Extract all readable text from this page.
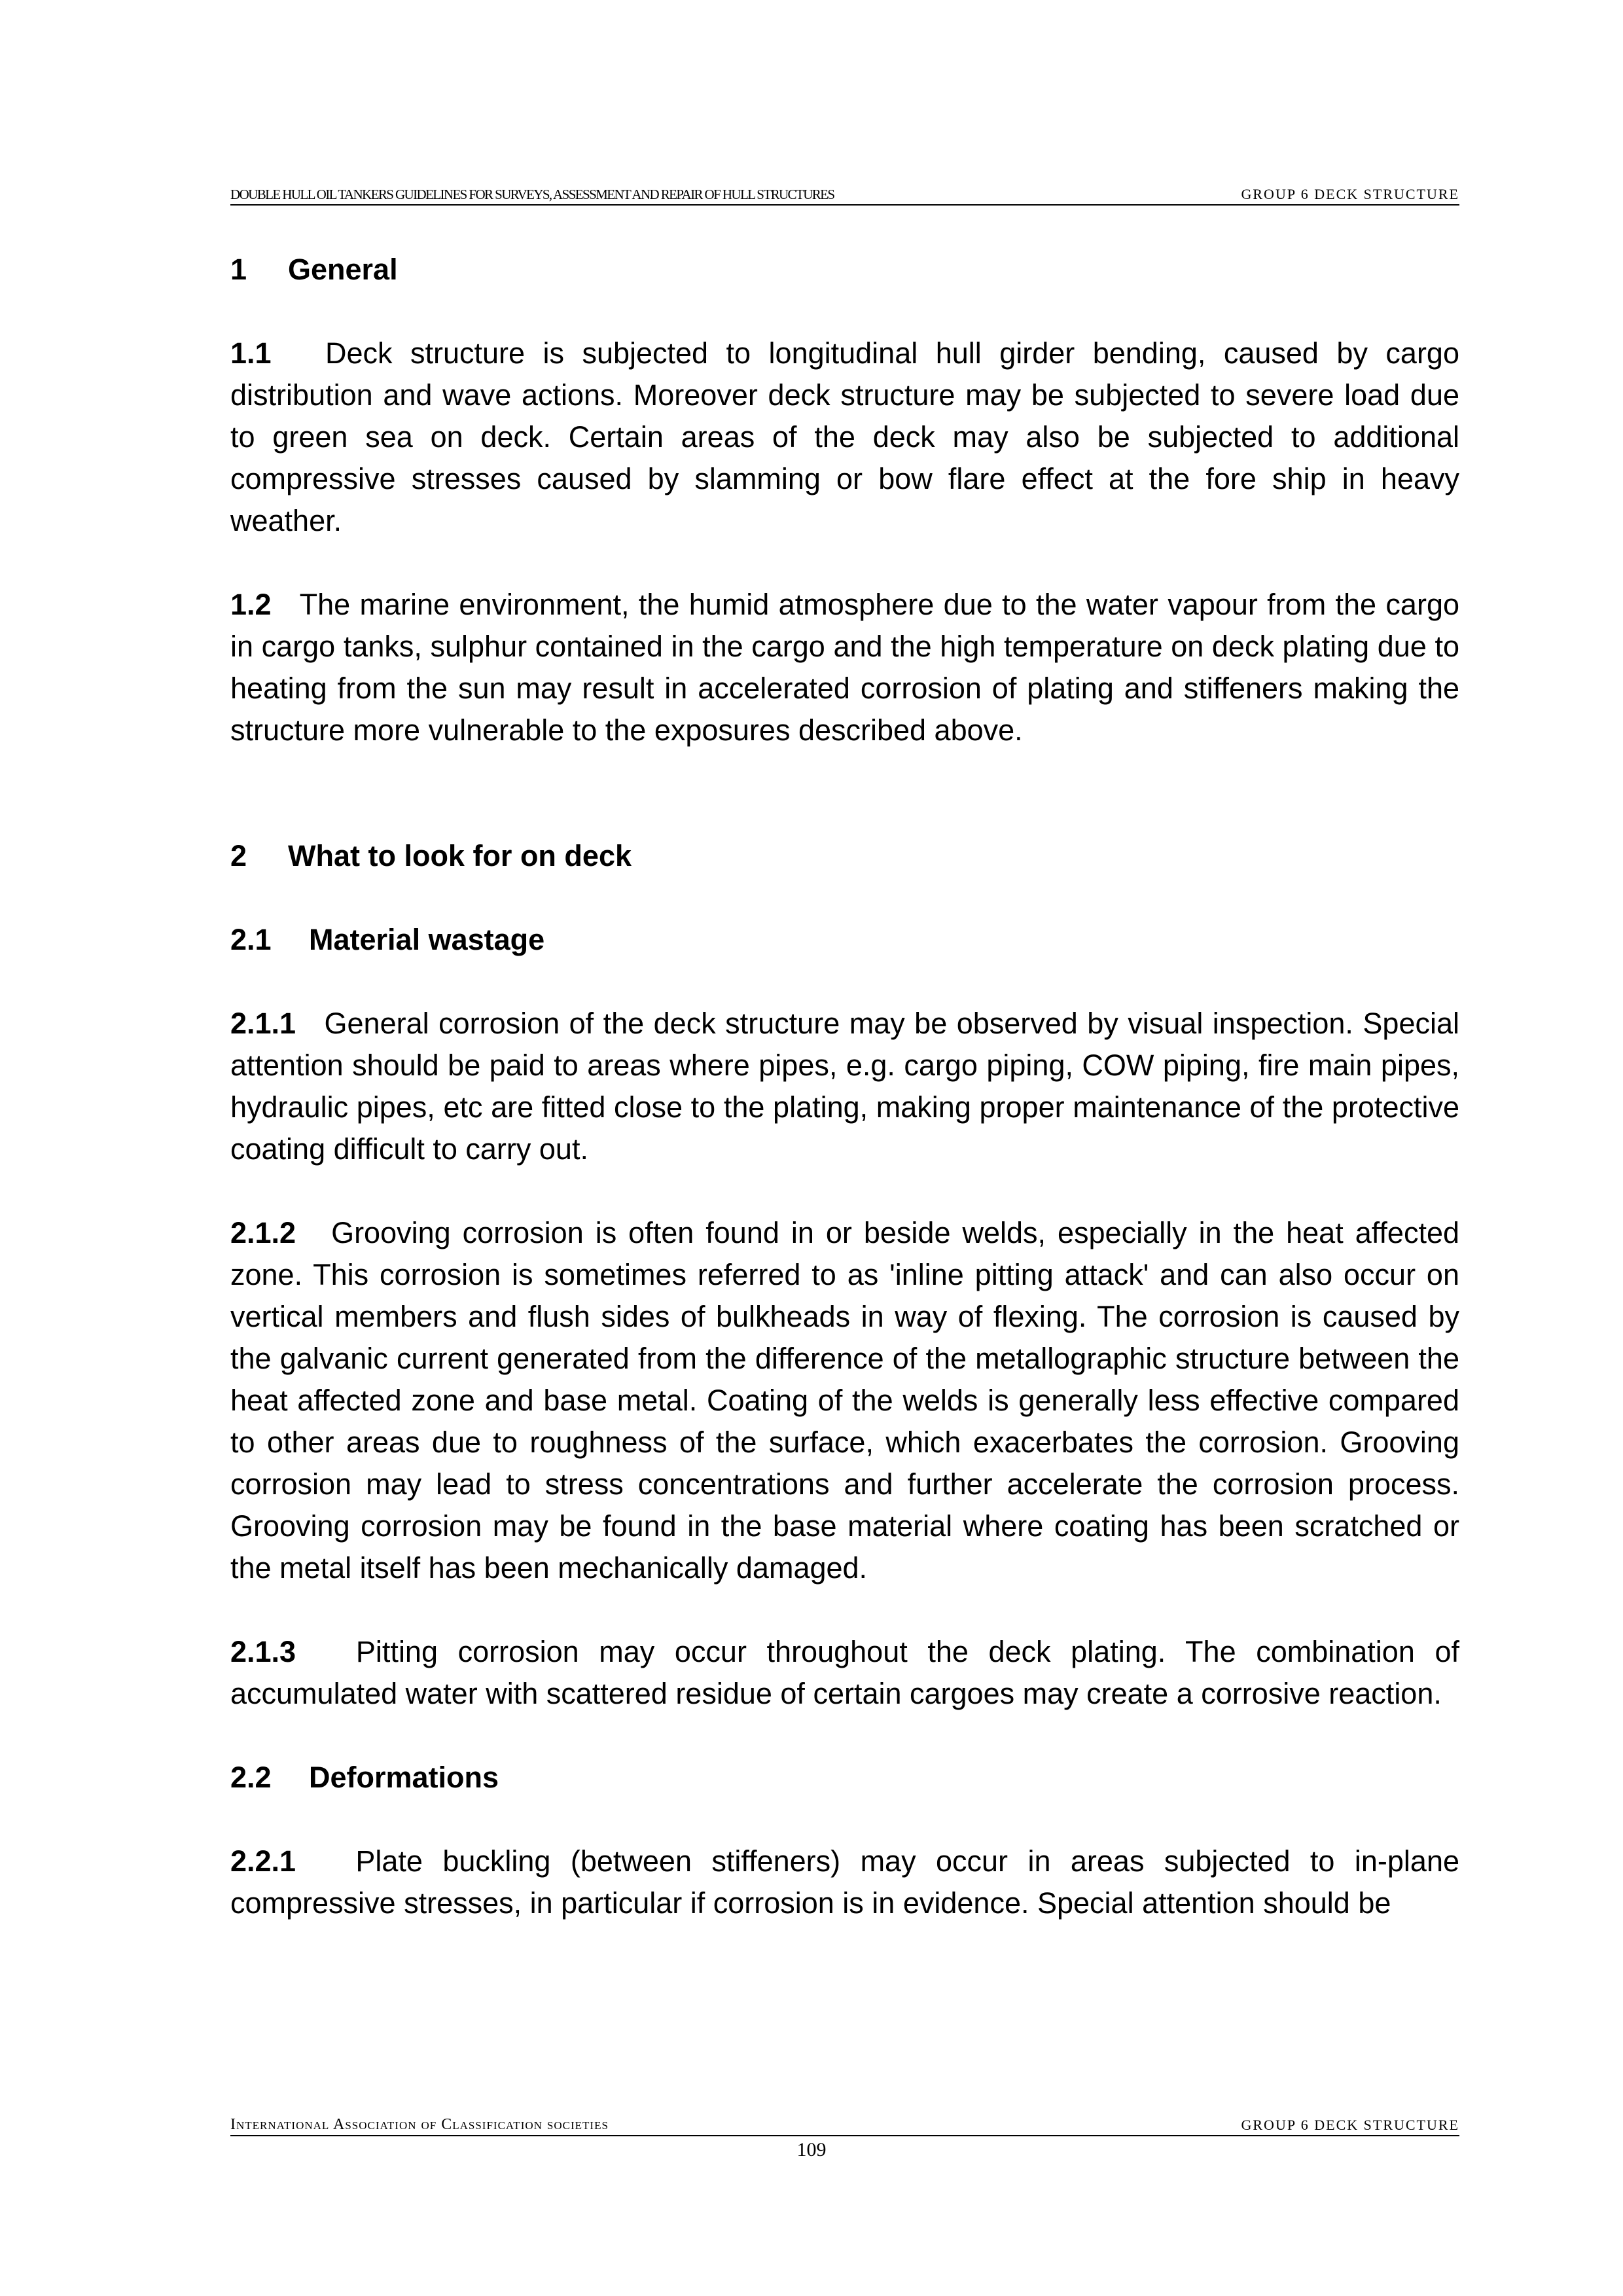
DOUBLE HULL OIL TANKERS GUIDELINES FOR SURVEYS, ASSESSMENT AND REPAIR OF HULL STRUCTURES	GROUP 6 DECK STRUCTURE
1 General

1.1 Deck structure is subjected to longitudinal hull girder bending, caused by cargo distribution and wave actions. Moreover deck structure may be subjected to severe load due to green sea on deck. Certain areas of the deck may also be subjected to additional compressive stresses caused by slamming or bow flare effect at the fore ship in heavy weather.

1.2 The marine environment, the humid atmosphere due to the water vapour from the cargo in cargo tanks, sulphur contained in the cargo and the high temperature on deck plating due to heating from the sun may result in accelerated corrosion of plating and stiffeners making the structure more vulnerable to the exposures described above.

2 What to look for on deck
2.1 Material wastage

2.1.1 General corrosion of the deck structure may be observed by visual inspection. Special attention should be paid to areas where pipes, e.g. cargo piping, COW piping, fire main pipes, hydraulic pipes, etc are fitted close to the plating, making proper maintenance of the protective coating difficult to carry out.

2.1.2 Grooving corrosion is often found in or beside welds, especially in the heat affected zone. This corrosion is sometimes referred to as 'inline pitting attack' and can also occur on vertical members and flush sides of bulkheads in way of flexing. The corrosion is caused by the galvanic current generated from the difference of the metallographic structure between the heat affected zone and base metal. Coating of the welds is generally less effective compared to other areas due to roughness of the surface, which exacerbates the corrosion. Grooving corrosion may lead to stress concentrations and further accelerate the corrosion process. Grooving corrosion may be found in the base material where coating has been scratched or the metal itself has been mechanically damaged.

2.1.3 Pitting corrosion may occur throughout the deck plating. The combination of accumulated water with scattered residue of certain cargoes may create a corrosive reaction.

2.2 Deformations

2.2.1 Plate buckling (between stiffeners) may occur in areas subjected to in-plane compressive stresses, in particular if corrosion is in evidence. Special attention should be

International Association of Classification societies	GROUP 6 DECK STRUCTURE
109
